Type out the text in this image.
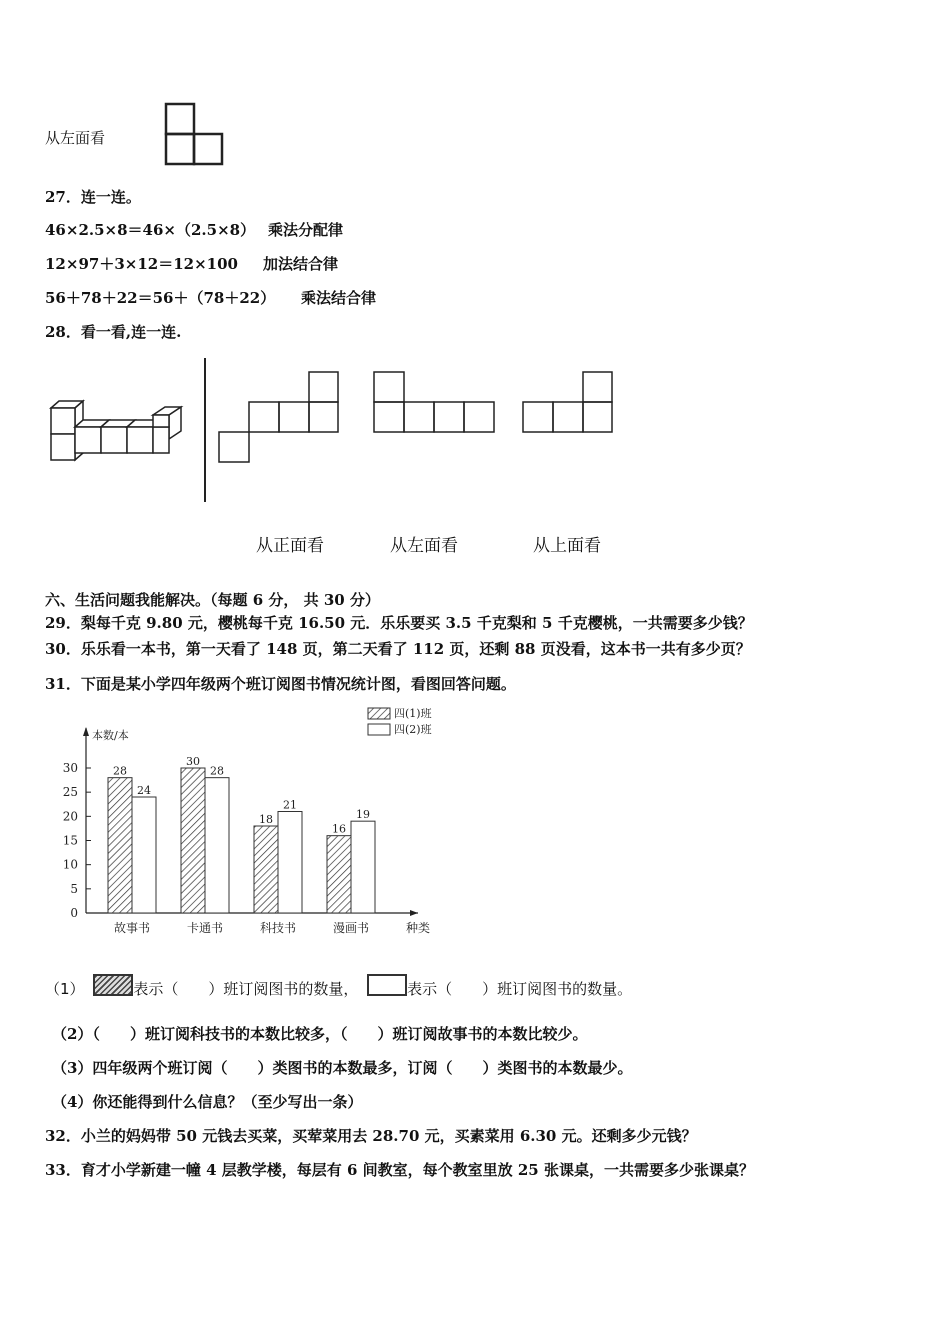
从左面看
27．连一连。
46×2.5×8＝46×（2.5×8） 乘法分配律
12×97＋3×12＝12×100 加法结合律
56＋78＋22＝56＋（78＋22） 乘法结合律
28．看一看,连一连.
从正面看	从左面看	从上面看
六、生活问题我能解决。（每题 6 分， 共 30 分）
29．梨每千克 9.80 元，樱桃每千克 16.50 元．乐乐要买 3.5 千克梨和 5 千克樱桃，一共需要多少钱？
30．乐乐看一本书，第一天看了 148 页，第二天看了 112 页，还剩 88 页没看，这本书一共有多少页？
31．下面是某小学四年级两个班订阅图书情况统计图，看图回答问题。
本数/本
种类
0
5
10
15
20
25
30	28
24
故事书
30
28
卡通书
18
21
科技书
16
19
漫画书
四(1)班
四(2)班
（1）	表示（　　）班订阅图书的数量，	表示（　　）班订阅图书的数量。
（2）（　　）班订阅科技书的本数比较多，（　　）班订阅故事书的本数比较少。
（3）四年级两个班订阅（　　）类图书的本数最多，订阅（　　）类图书的本数最少。
（4）你还能得到什么信息？（至少写出一条）
32．小兰的妈妈带 50 元钱去买菜，买荤菜用去 28.70 元，买素菜用 6.30 元。还剩多少元钱？
33．育才小学新建一幢 4 层教学楼，每层有 6 间教室，每个教室里放 25 张课桌，一共需要多少张课桌？
